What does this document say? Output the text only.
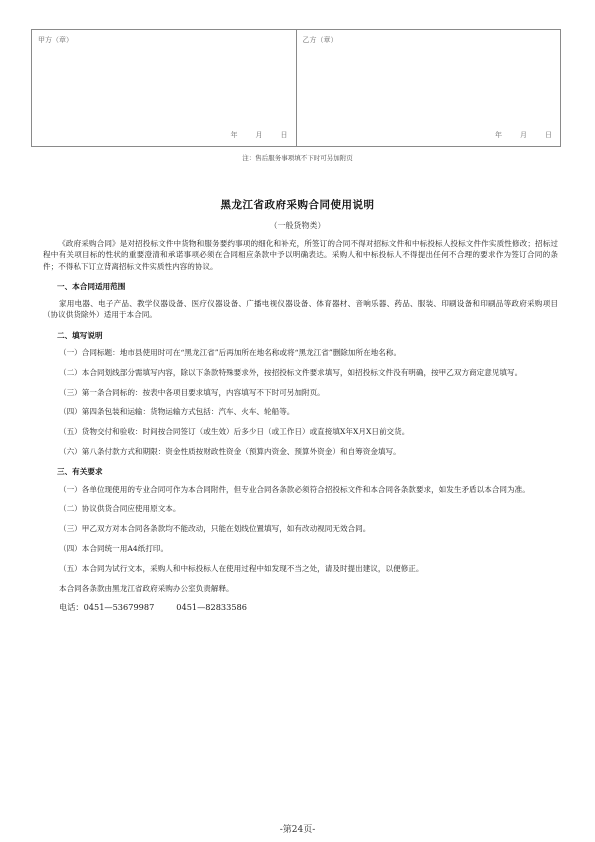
甲方（章）
年	月	日
乙方（章）
年	月	日
注：售后服务事项填不下时可另加附页
黑龙江省政府采购合同使用说明
（一般货物类）

《政府采购合同》是对招投标文件中货物和服务要约事项的细化和补充，所签订的合同不得对招标文件和中标投标人投标文件作实质性修改；招标过程中有关项目标的性状的重要澄清和承诺事项必须在合同相应条款中予以明确表达。采购人和中标投标人不得提出任何不合理的要求作为签订合同的条件；不得私下订立背离招标文件实质性内容的协议。

一、本合同适用范围

家用电器、电子产品、教学仪器设备、医疗仪器设备、广播电视仪器设备、体育器材、音响乐器、药品、服装、印刷设备和印刷品等政府采购项目（协议供货除外）适用于本合同。

二、填写说明

（一）合同标题：地市县使用时可在“黑龙江省”后再加所在地名称或将“黑龙江省”删除加所在地名称。

（二）本合同划线部分需填写内容，除以下条款特殊要求外，按招投标文件要求填写，如招投标文件没有明确，按甲乙双方商定意见填写。

（三）第一条合同标的：按表中各项目要求填写，内容填写不下时可另加附页。

（四）第四条包装和运输：货物运输方式包括：汽车、火车、轮船等。

（五）货物交付和验收：时间按合同签订（或生效）后多少日（或工作日）或直接填X年X月X日前交货。

（六）第八条付款方式和期限：资金性质按财政性资金（预算内资金、预算外资金）和自筹资金填写。

三、有关要求

（一）各单位现使用的专业合同可作为本合同附件，但专业合同各条款必须符合招投标文件和本合同各条款要求，如发生矛盾以本合同为准。

（二）协议供货合同应使用原文本。

（三）甲乙双方对本合同各条款均不能改动，只能在划线位置填写，如有改动视同无效合同。

（四）本合同统一用A4纸打印。

（五）本合同为试行文本，采购人和中标投标人在使用过程中如发现不当之处，请及时提出建议，以便修正。

本合同各条款由黑龙江省政府采购办公室负责解释。

电话：0451—53679987	0451—82833586
-第24页-
